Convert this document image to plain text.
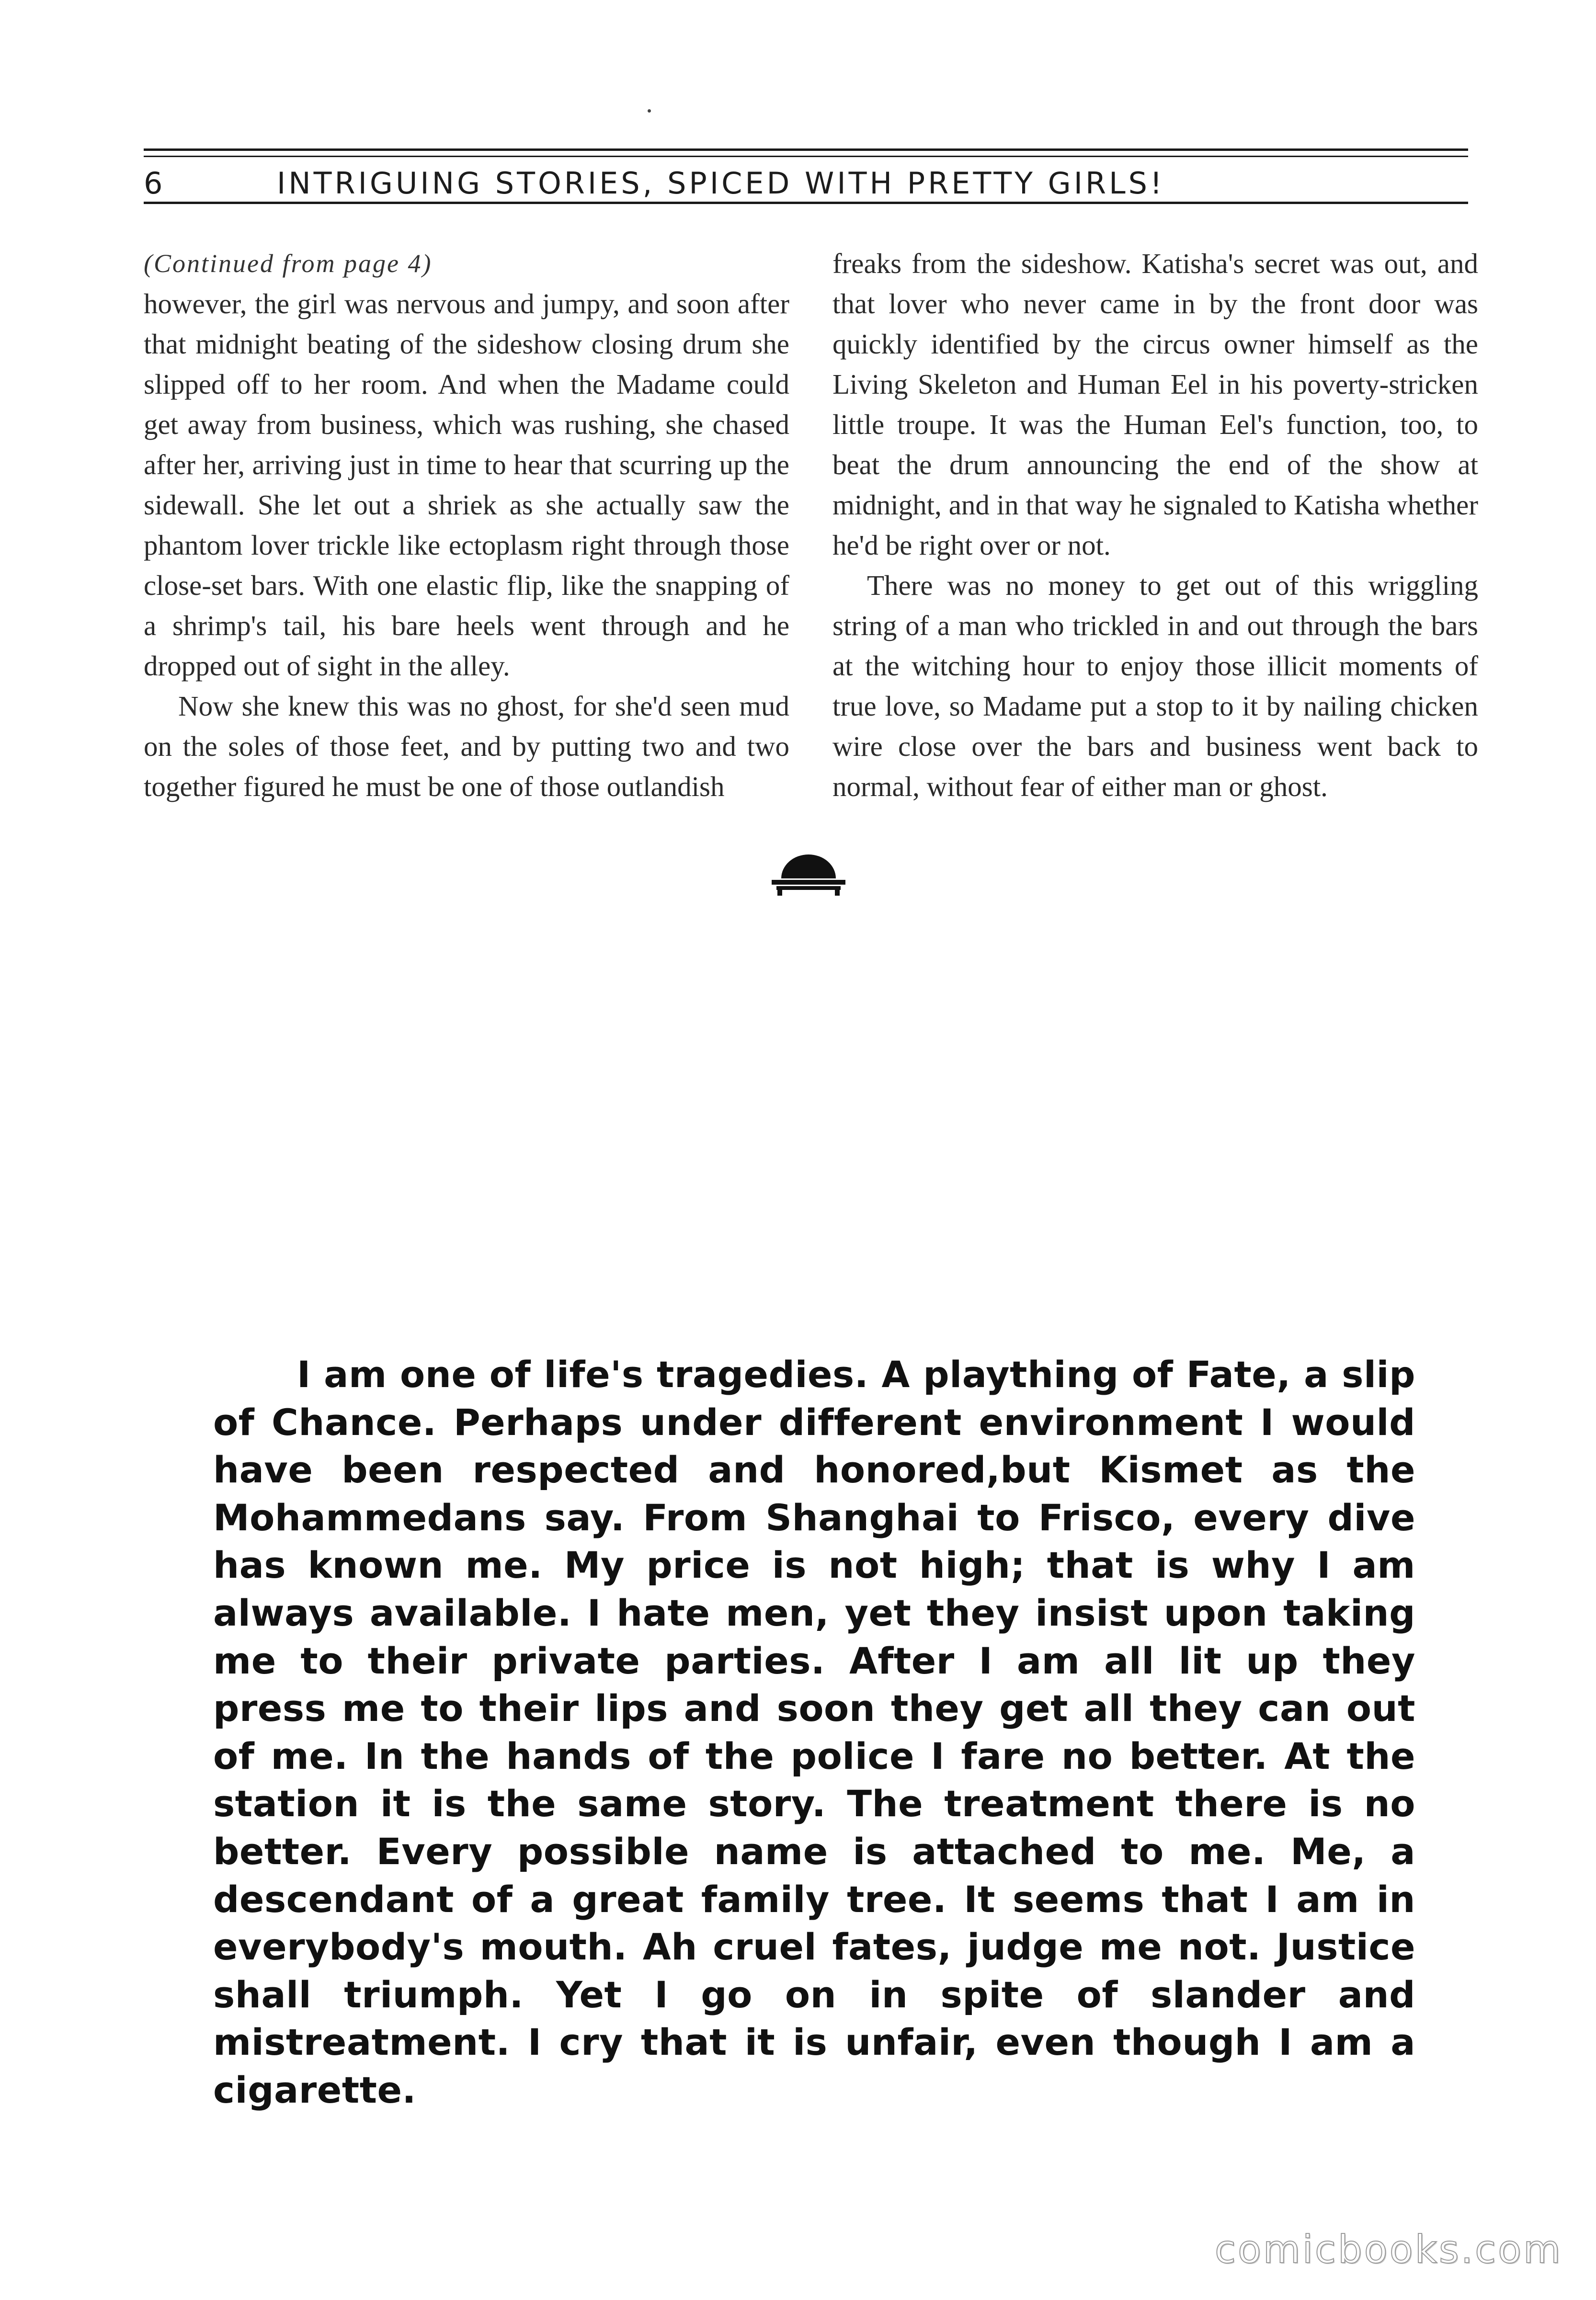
6	INTRIGUING STORIES, SPICED WITH PRETTY GIRLS!

(Continued from page 4)

however, the girl was nervous and jumpy, and soon after that midnight beating of the sideshow closing drum she slipped off to her room. And when the Madame could get away from business, which was rushing, she chased after her, arriving just in time to hear that scurring up the sidewall. She let out a shriek as she actually saw the phantom lover trickle like ectoplasm right through those close-set bars. With one elastic flip, like the snapping of a shrimp's tail, his bare heels went through and he dropped out of sight in the alley.

Now she knew this was no ghost, for she'd seen mud on the soles of those feet, and by putting two and two together figured he must be one of those outlandish

freaks from the sideshow. Katisha's secret was out, and that lover who never came in by the front door was quickly identified by the circus owner himself as the Living Skeleton and Human Eel in his poverty-stricken little troupe. It was the Human Eel's function, too, to beat the drum announcing the end of the show at midnight, and in that way he signaled to Katisha whether he'd be right over or not.

There was no money to get out of this wriggling string of a man who trickled in and out through the bars at the witching hour to enjoy those illicit moments of true love, so Madame put a stop to it by nailing chicken wire close over the bars and business went back to normal, without fear of either man or ghost.

I am one of life's tragedies. A plaything of Fate, a slip of Chance. Perhaps under different environment I would have been respected and honored,but Kismet as the Mohammedans say. From Shanghai to Frisco, every dive has known me. My price is not high; that is why I am always available. I hate men, yet they insist upon taking me to their private parties. After I am all lit up they press me to their lips and soon they get all they can out of me. In the hands of the police I fare no better. At the station it is the same story. The treatment there is no better. Every possible name is attached to me. Me, a descendant of a great family tree. It seems that I am in everybody's mouth. Ah cruel fates, judge me not. Justice shall triumph. Yet I go on in spite of slander and mistreatment. I cry that it is unfair, even though I am a cigarette.
comicbooks.com
